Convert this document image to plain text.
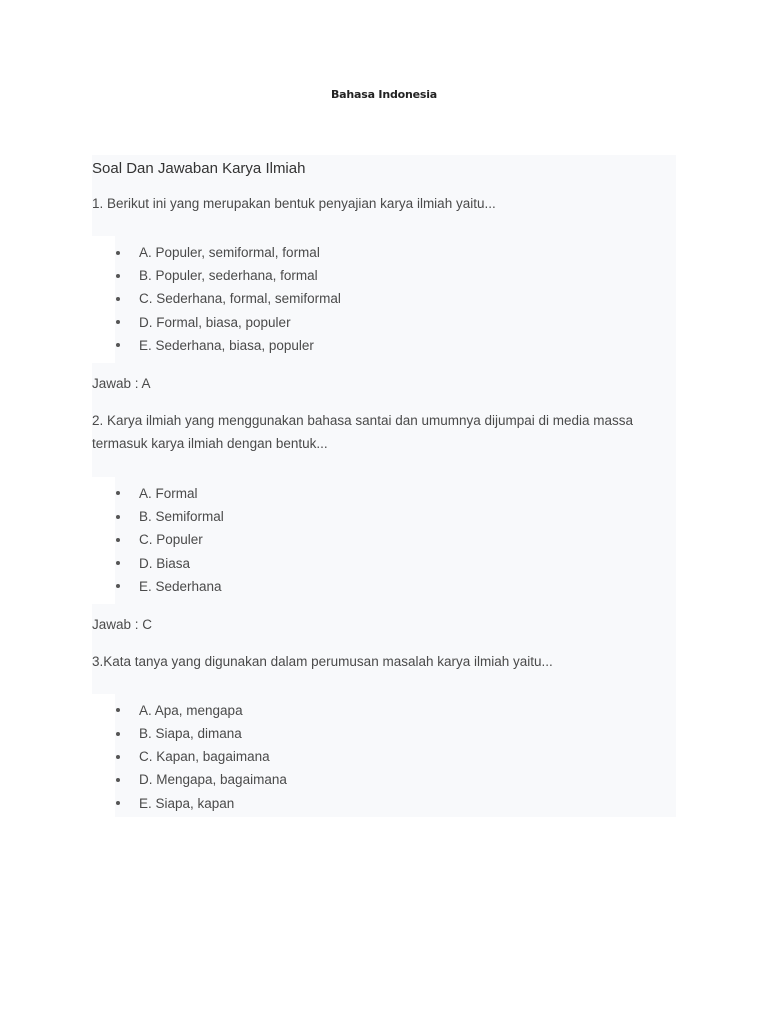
Bahasa Indonesia
Soal Dan Jawaban Karya Ilmiah
1. Berikut ini yang merupakan bentuk penyajian karya ilmiah yaitu...
A. Populer, semiformal, formal
B. Populer, sederhana, formal
C. Sederhana, formal, semiformal
D. Formal, biasa, populer
E. Sederhana, biasa, populer
Jawab : A
2. Karya ilmiah yang menggunakan bahasa santai dan umumnya dijumpai di media massa termasuk karya ilmiah dengan bentuk...
A. Formal
B. Semiformal
C. Populer
D. Biasa
E. Sederhana
Jawab : C
3.Kata tanya yang digunakan dalam perumusan masalah karya ilmiah yaitu...
A. Apa, mengapa
B. Siapa, dimana
C. Kapan, bagaimana
D. Mengapa, bagaimana
E. Siapa, kapan
